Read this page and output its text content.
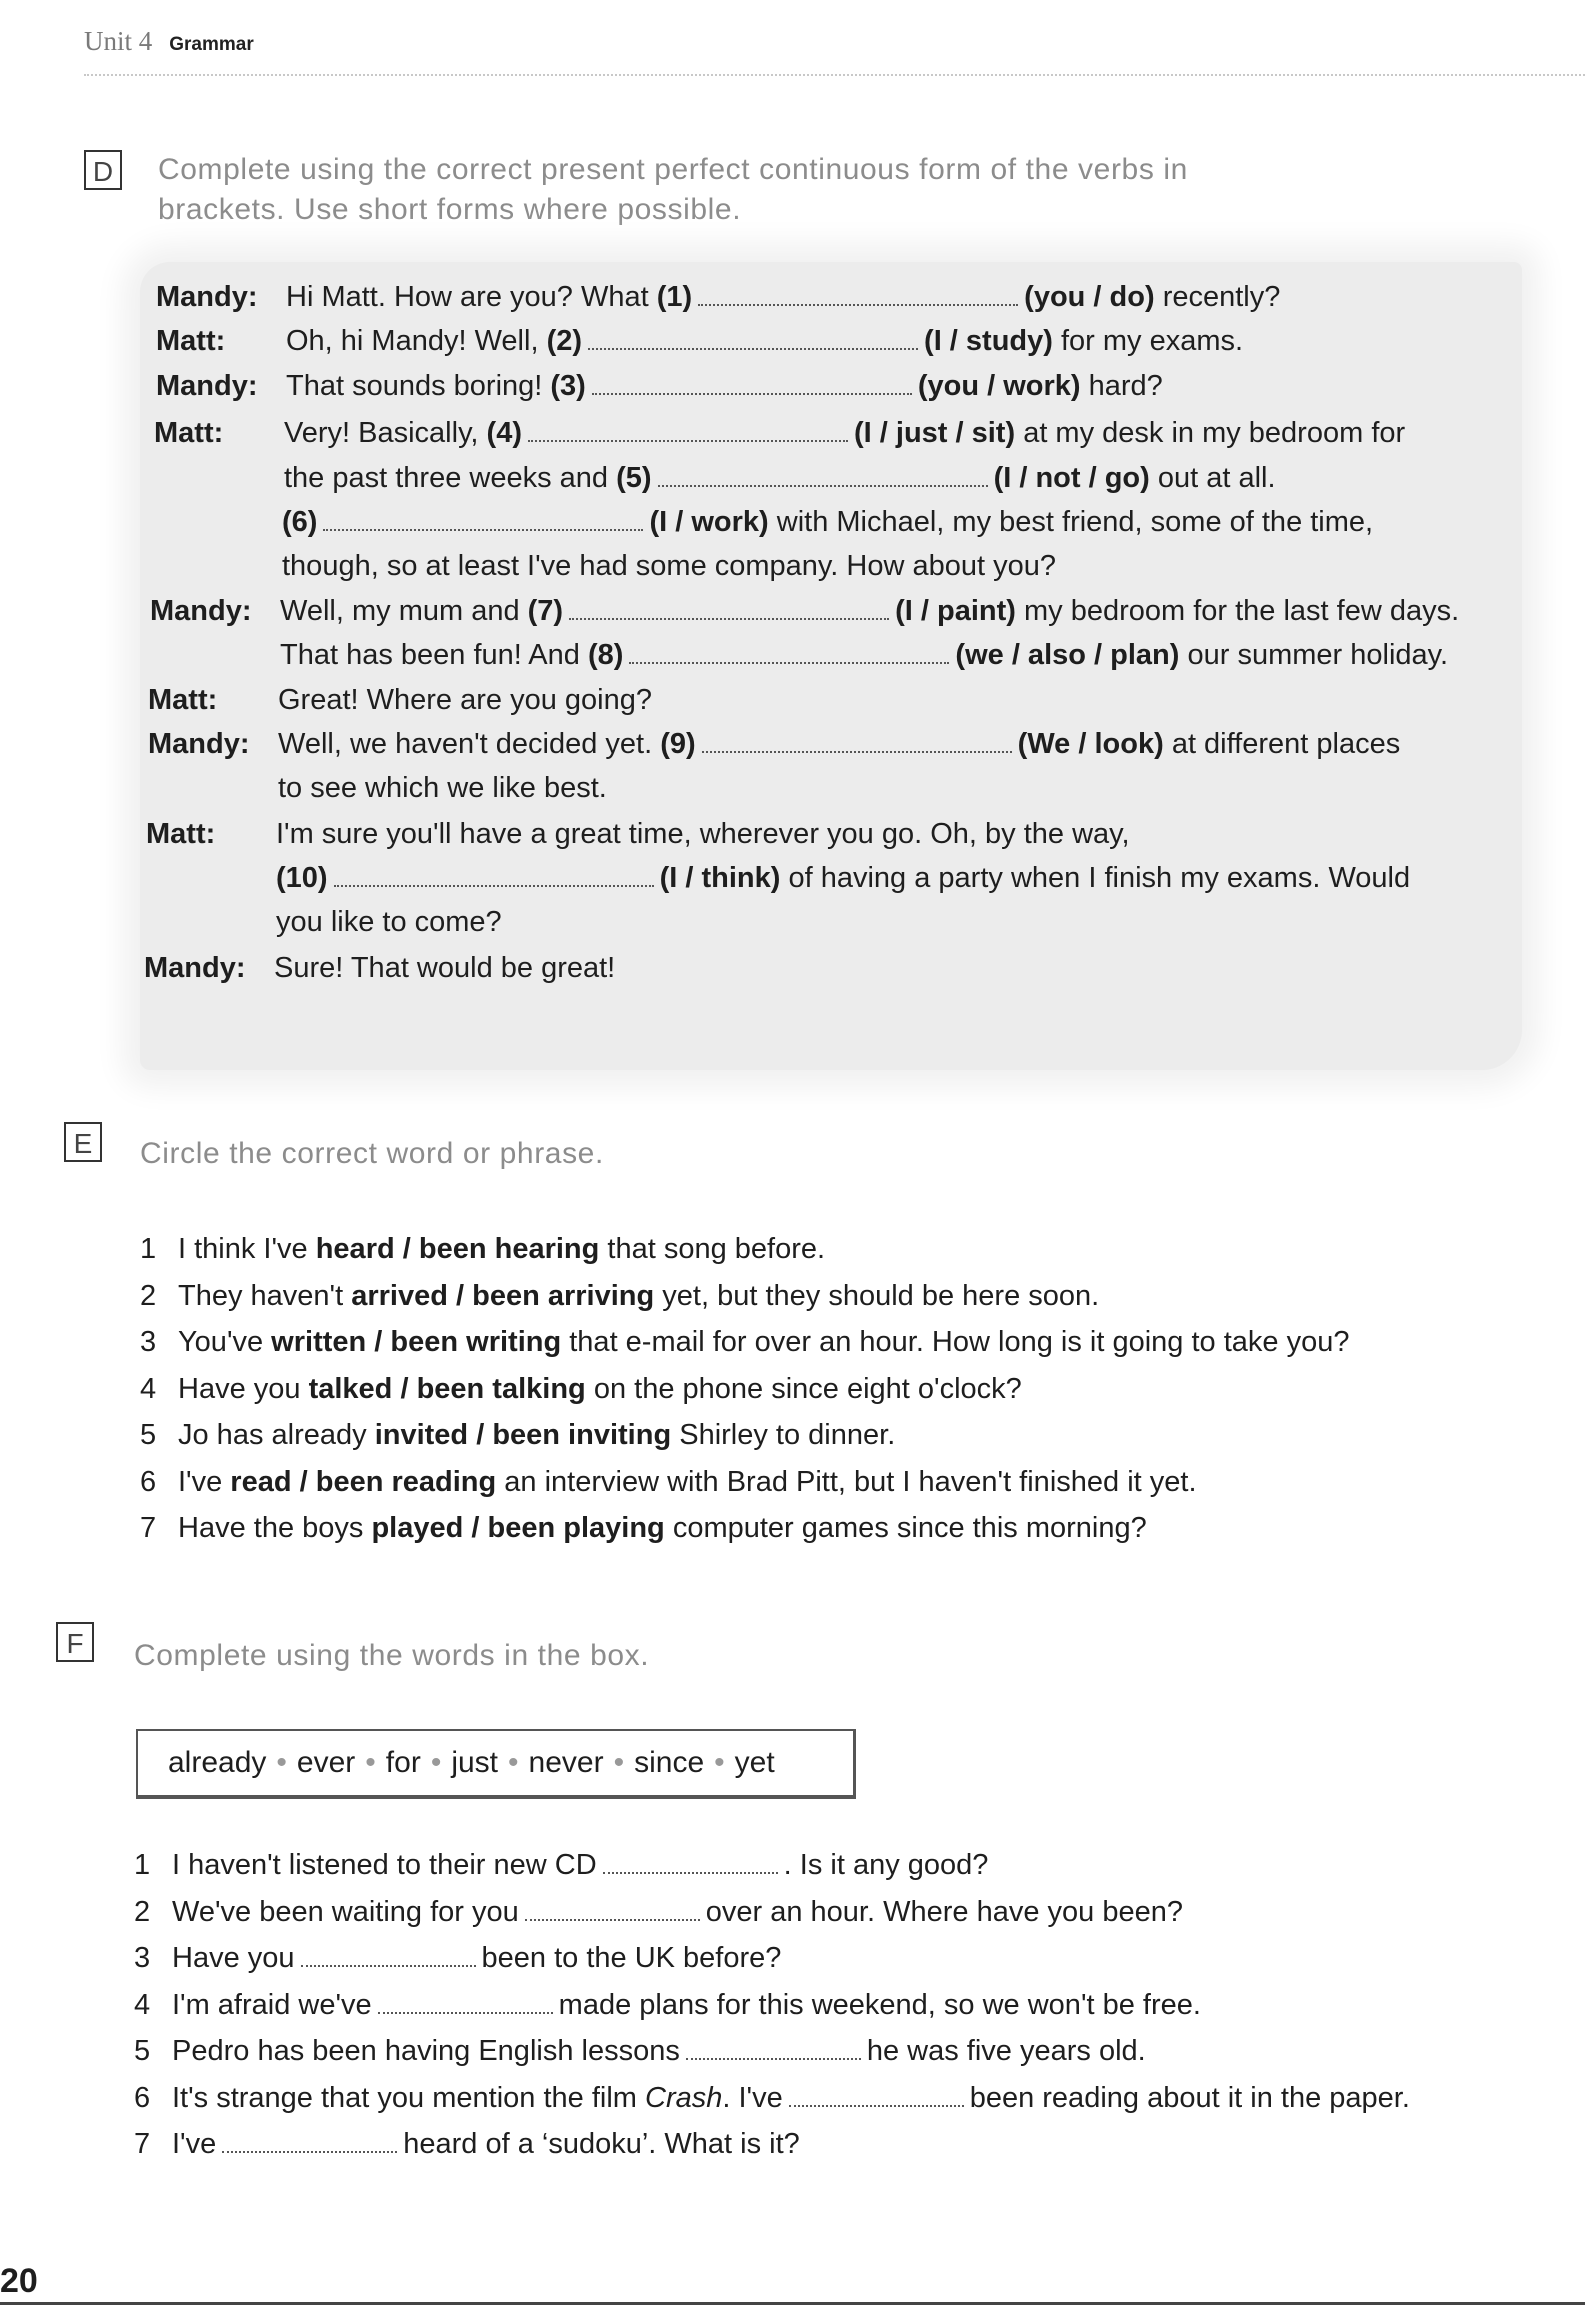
Unit 4 Grammar
D Complete using the correct present perfect continuous form of the verbs in
brackets. Use short forms where possible.
Mandy: Hi Matt. How are you? What (1)	(you / do) recently?
Matt: Oh, hi Mandy! Well, (2)	(I / study) for my exams.
Mandy: That sounds boring! (3)	(you / work) hard?
Matt: Very! Basically, (4)	(I / just / sit) at my desk in my bedroom for
the past three weeks and (5)	(I / not / go) out at all.
(6)	(I / work) with Michael, my best friend, some of the time,
though, so at least I've had some company. How about you?
Mandy: Well, my mum and (7)	(I / paint) my bedroom for the last few days.
That has been fun! And (8)	(we / also / plan) our summer holiday.
Matt: Great! Where are you going?
Mandy: Well, we haven't decided yet. (9)	(We / look) at different places
to see which we like best.
Matt: I'm sure you'll have a great time, wherever you go. Oh, by the way,
(10)	(I / think) of having a party when I finish my exams. Would
you like to come?
Mandy: Sure! That would be great!
E	Circle the correct word or phrase.
1 I think I've heard / been hearing that song before.
2 They haven't arrived / been arriving yet, but they should be here soon.
3 You've written / been writing that e-mail for over an hour. How long is it going to take you?
4 Have you talked / been talking on the phone since eight o'clock?
5 Jo has already invited / been inviting Shirley to dinner.
6 I've read / been reading an interview with Brad Pitt, but I haven't finished it yet.
7 Have the boys played / been playing computer games since this morning?
F	Complete using the words in the box.
already • ever • for • just • never • since • yet
1 I haven't listened to their new CD	. Is it any good?
2 We've been waiting for you	over an hour. Where have you been?
3 Have you	been to the UK before?
4 I'm afraid we've	made plans for this weekend, so we won't be free.
5 Pedro has been having English lessons	he was five years old.
6 It's strange that you mention the film Crash. I've	been reading about it in the paper.
7 I've	heard of a ‘sudoku’. What is it?
20
